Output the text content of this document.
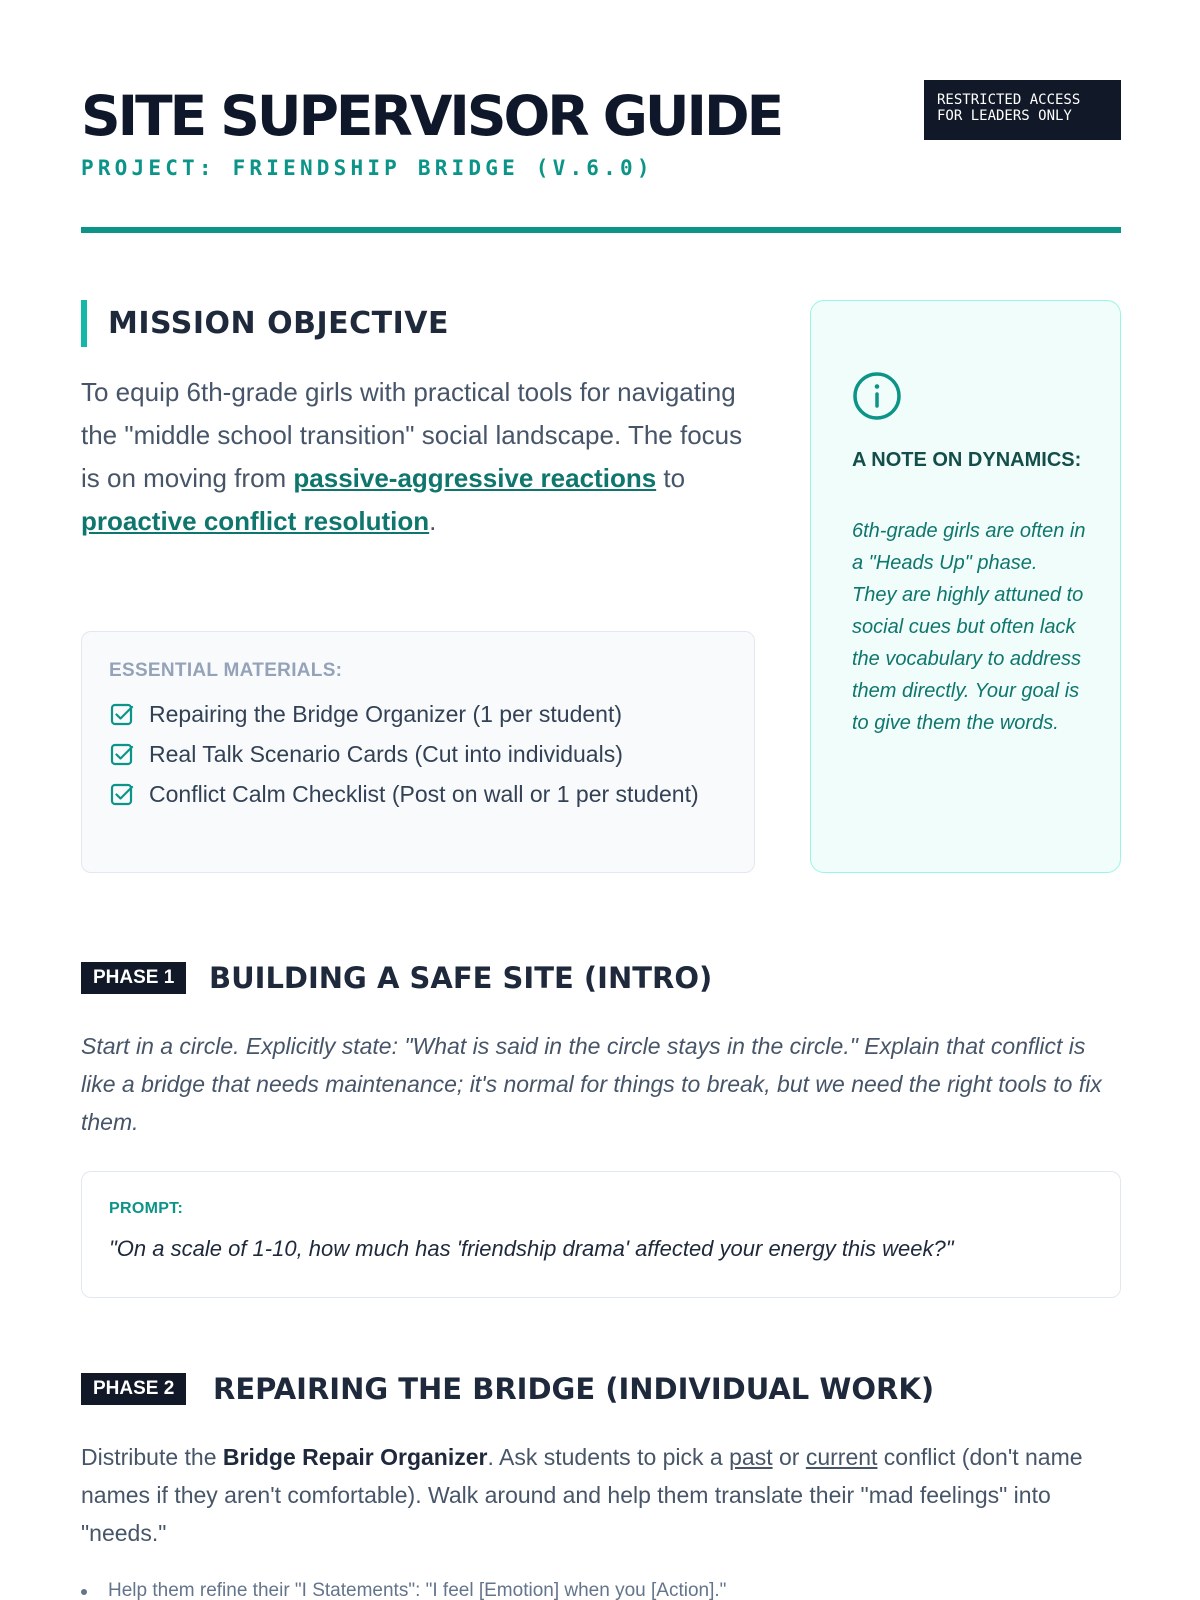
SITE SUPERVISOR GUIDE
PROJECT: FRIENDSHIP BRIDGE (V.6.0)
RESTRICTED ACCESS
FOR LEADERS ONLY
MISSION OBJECTIVE

To equip 6th-grade girls with practical tools for navigating the "middle school transition" social landscape. The focus is on moving from passive-aggressive reactions to proactive conflict resolution.

ESSENTIAL MATERIALS:
Repairing the Bridge Organizer (1 per student)
Real Talk Scenario Cards (Cut into individuals)
Conflict Calm Checklist (Post on wall or 1 per student)
A NOTE ON DYNAMICS:
6th-grade girls are often in a "Heads Up" phase. They are highly attuned to social cues but often lack the vocabulary to address them directly. Your goal is to give them the words.
PHASE 1	BUILDING A SAFE SITE (INTRO)

Start in a circle. Explicitly state: "What is said in the circle stays in the circle." Explain that conflict is like a bridge that needs maintenance; it's normal for things to break, but we need the right tools to fix them.

PROMPT:
"On a scale of 1-10, how much has 'friendship drama' affected your energy this week?"
PHASE 2	REPAIRING THE BRIDGE (INDIVIDUAL WORK)

Distribute the Bridge Repair Organizer. Ask students to pick a past or current conflict (don't name names if they aren't comfortable). Walk around and help them translate their "mad feelings" into "needs."

Help them refine their "I Statements": "I feel [Emotion] when you [Action]."
